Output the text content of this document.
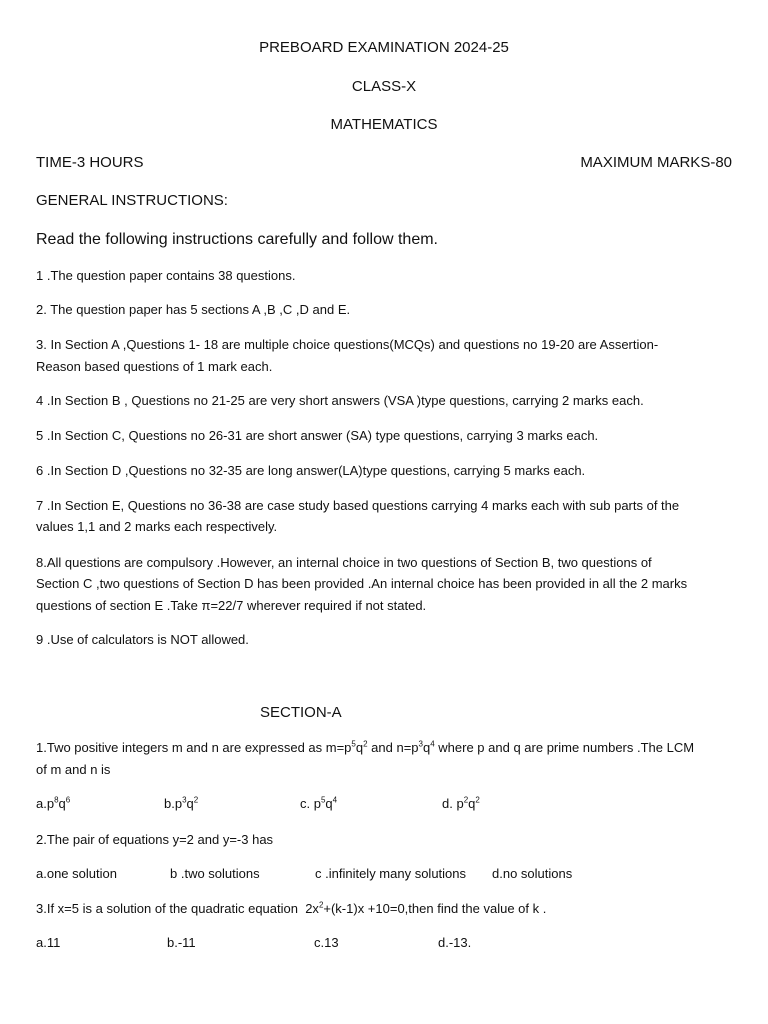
PREBOARD EXAMINATION 2024-25
CLASS-X
MATHEMATICS
TIME-3 HOURS	MAXIMUM MARKS-80
GENERAL INSTRUCTIONS:
Read the following instructions carefully and follow them.
1 .The question paper contains 38 questions.
2. The question paper has 5 sections A ,B ,C ,D and E.
3. In Section A ,Questions 1- 18 are multiple choice questions(MCQs) and questions no 19-20 are Assertion-
Reason based questions of 1 mark each.
4 .In Section B , Questions no 21-25 are very short answers (VSA )type questions, carrying 2 marks each.
5 .In Section C, Questions no 26-31 are short answer (SA) type questions, carrying 3 marks each.
6 .In Section D ,Questions no 32-35 are long answer(LA)type questions, carrying 5 marks each.
7 .In Section E, Questions no 36-38 are case study based questions carrying 4 marks each with sub parts of the
values 1,1 and 2 marks each respectively.
8.All questions are compulsory .However, an internal choice in two questions of Section B, two questions of
Section C ,two questions of Section D has been provided .An internal choice has been provided in all the 2 marks
questions of section E .Take π=22/7 wherever required if not stated.
9 .Use of calculators is NOT allowed.
SECTION-A
1.Two positive integers m and n are expressed as $m=p^5q^2$ and $n=p^3q^4$ where p and q are prime numbers .The LCM
of m and n is
$a.p^8q^6$	$b.p^3q^2$	c. $p^5q^4$	d. $p^2q^2$
2.The pair of equations y=2 and y=-3 has
a.one solution	b .two solutions	c .infinitely many solutions d.no solutions
3.If x=5 is a solution of the quadratic equation  $2x^2+(k-1)x$ +10=0,then find the value of k .
a.11	b.-11	c.13	d.-13.
